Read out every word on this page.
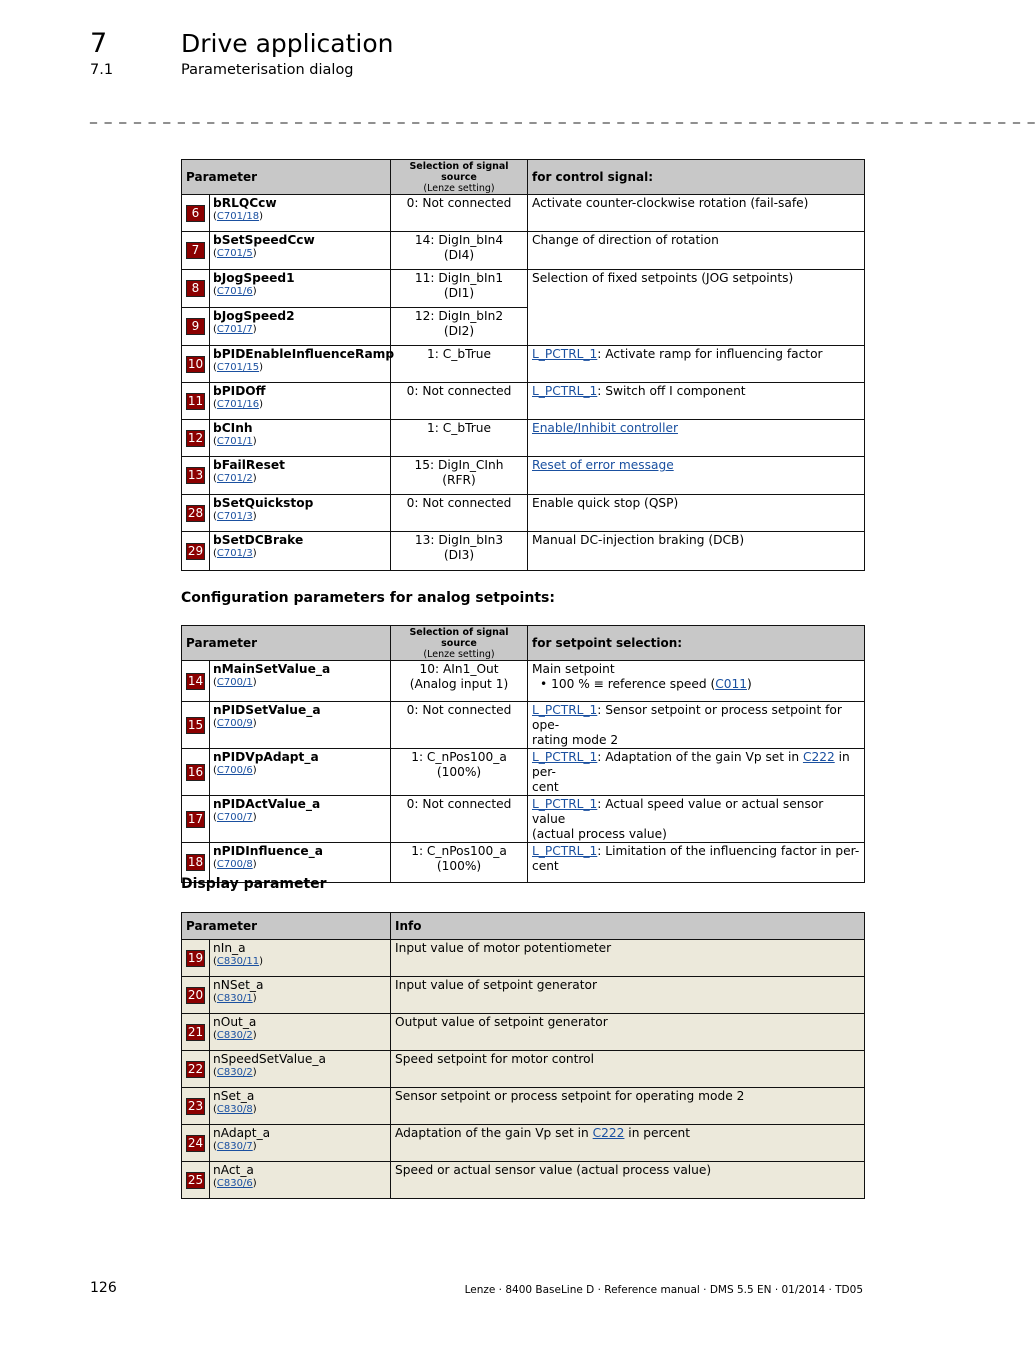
7	Drive application
7.1	Parameterisation dialog
_ _ _ _ _ _ _ _ _ _ _ _ _ _ _ _ _ _ _ _ _ _ _ _ _ _ _ _ _ _ _ _ _ _ _ _ _ _ _ _ _ _ _ _ _ _ _ _ _ _ _ _ _ _ _ _ _ _ _ _ _ _ _ _ _
Parameter		Selection of signal source
(Lenze setting)	for control signal:
6	bRLQCcw
(C701/18)	0: Not connected	Activate counter-clockwise rotation (fail-safe)
7	bSetSpeedCcw
(C701/5)	14: DigIn_bIn4
(DI4)	Change of direction of rotation
8	bJogSpeed1
(C701/6)	11: DigIn_bIn1
(DI1)	Selection of fixed setpoints (JOG setpoints)
9	bJogSpeed2
(C701/7)	12: DigIn_bIn2
(DI2)	
10	bPIDEnableInfluenceRamp
(C701/15)	1: C_bTrue	L_PCTRL_1: Activate ramp for influencing factor
11	bPIDOff
(C701/16)	0: Not connected	L_PCTRL_1: Switch off I component
12	bCInh
(C701/1)	1: C_bTrue	Enable/Inhibit controller
13	bFailReset
(C701/2)	15: DigIn_CInh
(RFR)	Reset of error message
28	bSetQuickstop
(C701/3)	0: Not connected	Enable quick stop (QSP)
29	bSetDCBrake
(C701/3)	13: DigIn_bIn3
(DI3)	Manual DC-injection braking (DCB)
Configuration parameters for analog setpoints:
Parameter		Selection of signal source
(Lenze setting)	for setpoint selection:
14	nMainSetValue_a
(C700/1)	10: AIn1_Out
(Analog input 1)	Main setpoint
• 100 % ≡ reference speed (C011)

15	nPIDSetValue_a
(C700/9)	0: Not connected	L_PCTRL_1: Sensor setpoint or process setpoint for ope-
rating mode 2
16	nPIDVpAdapt_a
(C700/6)	1: C_nPos100_a
(100%)	L_PCTRL_1: Adaptation of the gain Vp set in C222 in per-
cent
17	nPIDActValue_a
(C700/7)	0: Not connected	L_PCTRL_1: Actual speed value or actual sensor value
(actual process value)
18	nPIDInfluence_a
(C700/8)	1: C_nPos100_a
(100%)	L_PCTRL_1: Limitation of the influencing factor in per-
cent
Display parameter
Parameter		Info
19	nIn_a
(C830/11)	Input value of motor potentiometer
20	nNSet_a
(C830/1)	Input value of setpoint generator
21	nOut_a
(C830/2)	Output value of setpoint generator
22	nSpeedSetValue_a
(C830/2)	Speed setpoint for motor control
23	nSet_a
(C830/8)	Sensor setpoint or process setpoint for operating mode 2
24	nAdapt_a
(C830/7)	Adaptation of the gain Vp set in C222 in percent
25	nAct_a
(C830/6)	Speed or actual sensor value (actual process value)
126	Lenze · 8400 BaseLine D · Reference manual · DMS 5.5 EN · 01/2014 · TD05
